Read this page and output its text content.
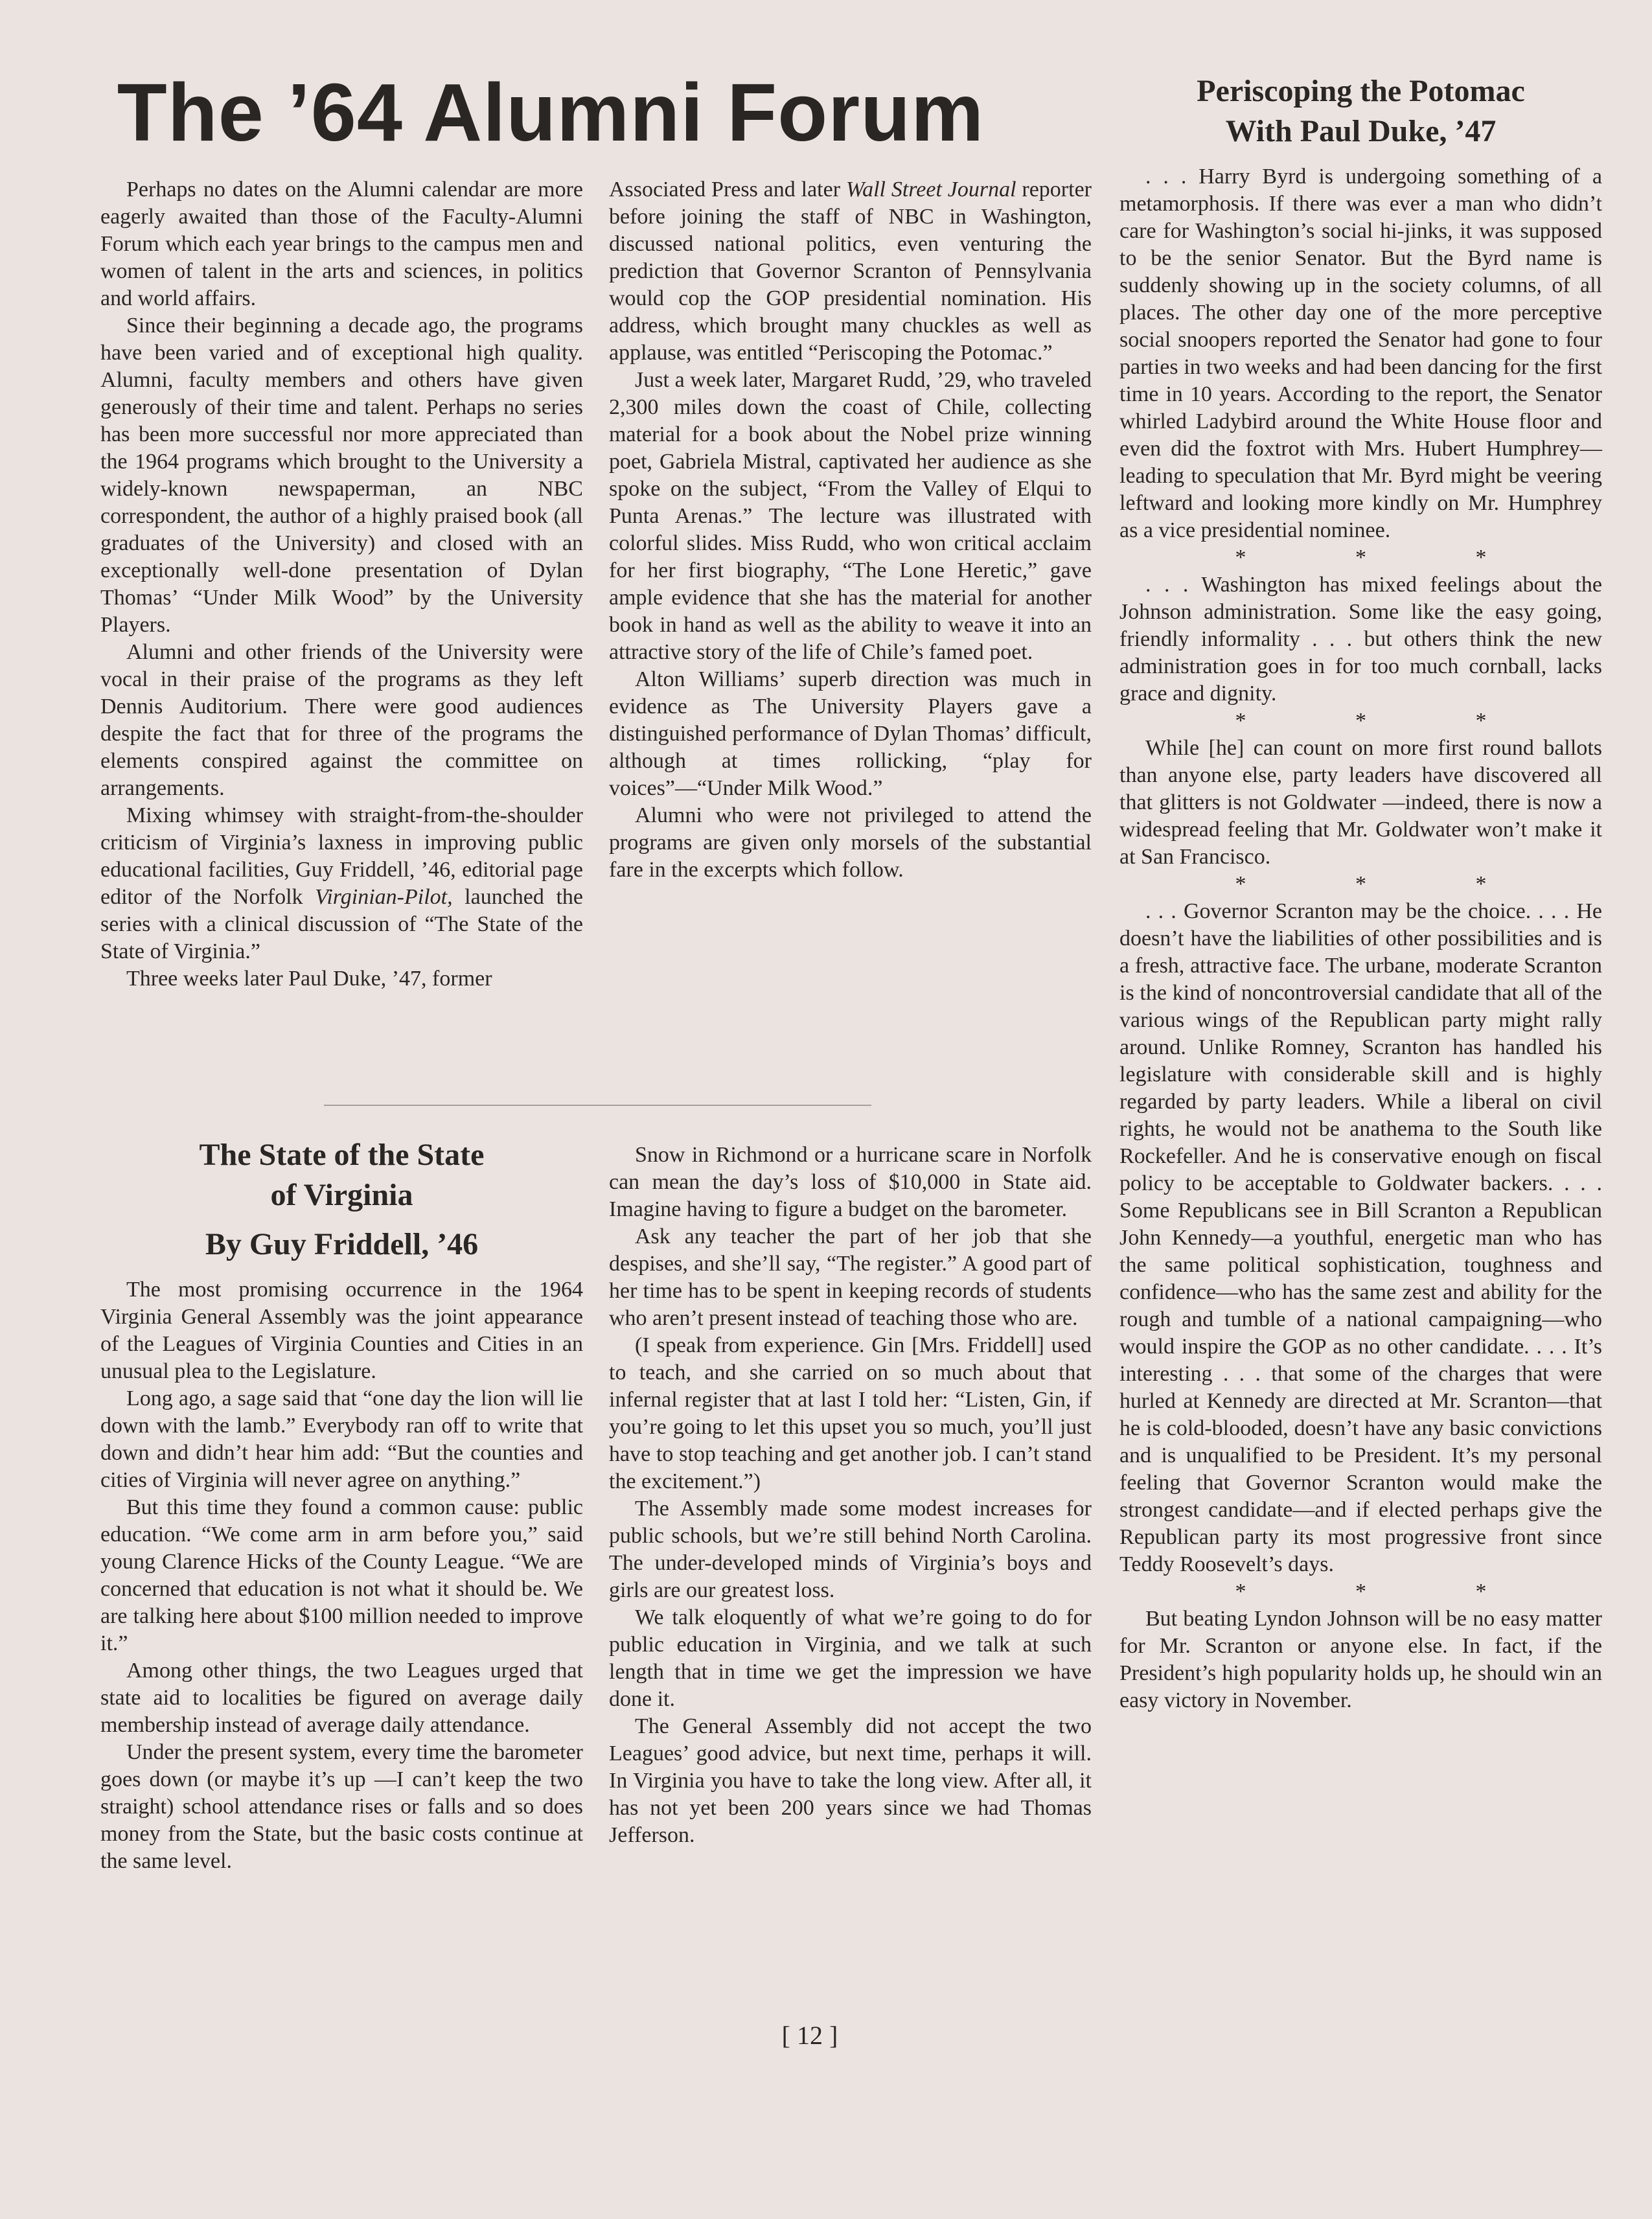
The ’64 Alumni Forum

Perhaps no dates on the Alumni calendar are more eagerly awaited than those of the Faculty-Alumni Forum which each year brings to the campus men and women of talent in the arts and sciences, in politics and world affairs.

Since their beginning a decade ago, the programs have been varied and of exceptional high quality. Alumni, faculty members and others have given generously of their time and talent. Perhaps no series has been more successful nor more appreciated than the 1964 programs which brought to the University a widely-known newspaperman, an NBC correspondent, the author of a highly praised book (all graduates of the University) and closed with an exceptionally well-done presentation of Dylan Thomas’ “Under Milk Wood” by the University Players.

Alumni and other friends of the University were vocal in their praise of the programs as they left Dennis Auditorium. There were good audiences despite the fact that for three of the programs the elements conspired against the committee on arrangements.

Mixing whimsey with straight-from-the-shoulder criticism of Virginia’s laxness in improving public educational facilities, Guy Friddell, ’46, editorial page editor of the Norfolk Virginian-Pilot, launched the series with a clinical discussion of “The State of the State of Virginia.”

Three weeks later Paul Duke, ’47, former

Associated Press and later Wall Street Journal reporter before joining the staff of NBC in Washington, discussed national politics, even venturing the prediction that Governor Scranton of Pennsylvania would cop the GOP presidential nomination. His address, which brought many chuckles as well as applause, was entitled “Periscoping the Potomac.”

Just a week later, Margaret Rudd, ’29, who traveled 2,300 miles down the coast of Chile, collecting material for a book about the Nobel prize winning poet, Gabriela Mistral, captivated her audience as she spoke on the subject, “From the Valley of Elqui to Punta Arenas.” The lecture was illustrated with colorful slides. Miss Rudd, who won critical acclaim for her first biography, “The Lone Heretic,” gave ample evidence that she has the material for another book in hand as well as the ability to weave it into an attractive story of the life of Chile’s famed poet.

Alton Williams’ superb direction was much in evidence as The University Players gave a distinguished performance of Dylan Thomas’ difficult, although at times rollicking, “play for voices”—“Under Milk Wood.”

Alumni who were not privileged to attend the programs are given only morsels of the substantial fare in the excerpts which follow.

Periscoping the Potomac
With Paul Duke, ’47

. . . Harry Byrd is undergoing something of a metamorphosis. If there was ever a man who didn’t care for Washington’s social hi-jinks, it was supposed to be the senior Senator. But the Byrd name is suddenly showing up in the society columns, of all places. The other day one of the more perceptive social snoopers reported the Senator had gone to four parties in two weeks and had been dancing for the first time in 10 years. According to the report, the Senator whirled Ladybird around the White House floor and even did the foxtrot with Mrs. Hubert Humphrey—leading to speculation that Mr. Byrd might be veering leftward and looking more kindly on Mr. Humphrey as a vice presidential nominee.

* * *

. . . Washington has mixed feelings about the Johnson administration. Some like the easy going, friendly informality . . . but others think the new administration goes in for too much cornball, lacks grace and dignity.

* * *

While [he] can count on more first round ballots than anyone else, party leaders have discovered all that glitters is not Goldwater —indeed, there is now a widespread feeling that Mr. Goldwater won’t make it at San Francisco.

* * *

. . . Governor Scranton may be the choice. . . . He doesn’t have the liabilities of other possibilities and is a fresh, attractive face. The urbane, moderate Scranton is the kind of noncontroversial candidate that all of the various wings of the Republican party might rally around. Unlike Romney, Scranton has handled his legislature with considerable skill and is highly regarded by party leaders. While a liberal on civil rights, he would not be anathema to the South like Rockefeller. And he is conservative enough on fiscal policy to be acceptable to Goldwater backers. . . . Some Republicans see in Bill Scranton a Republican John Kennedy—a youthful, energetic man who has the same political sophistication, toughness and confidence—who has the same zest and ability for the rough and tumble of a national campaigning—who would inspire the GOP as no other candidate. . . . It’s interesting . . . that some of the charges that were hurled at Kennedy are directed at Mr. Scranton—that he is cold-blooded, doesn’t have any basic convictions and is unqualified to be President. It’s my personal feeling that Governor Scranton would make the strongest candidate—and if elected perhaps give the Republican party its most progressive front since Teddy Roosevelt’s days.

* * *

But beating Lyndon Johnson will be no easy matter for Mr. Scranton or anyone else. In fact, if the President’s high popularity holds up, he should win an easy victory in November.

The State of the State
of Virginia
By Guy Friddell, ’46

The most promising occurrence in the 1964 Virginia General Assembly was the joint appearance of the Leagues of Virginia Counties and Cities in an unusual plea to the Legislature.

Long ago, a sage said that “one day the lion will lie down with the lamb.” Everybody ran off to write that down and didn’t hear him add: “But the counties and cities of Virginia will never agree on anything.”

But this time they found a common cause: public education. “We come arm in arm before you,” said young Clarence Hicks of the County League. “We are concerned that education is not what it should be. We are talking here about $100 million needed to improve it.”

Among other things, the two Leagues urged that state aid to localities be figured on average daily membership instead of average daily attendance.

Under the present system, every time the barometer goes down (or maybe it’s up —I can’t keep the two straight) school attendance rises or falls and so does money from the State, but the basic costs continue at the same level.

Snow in Richmond or a hurricane scare in Norfolk can mean the day’s loss of $10,000 in State aid. Imagine having to figure a budget on the barometer.

Ask any teacher the part of her job that she despises, and she’ll say, “The register.” A good part of her time has to be spent in keeping records of students who aren’t present instead of teaching those who are.

(I speak from experience. Gin [Mrs. Friddell] used to teach, and she carried on so much about that infernal register that at last I told her: “Listen, Gin, if you’re going to let this upset you so much, you’ll just have to stop teaching and get another job. I can’t stand the excitement.”)

The Assembly made some modest increases for public schools, but we’re still behind North Carolina. The under-developed minds of Virginia’s boys and girls are our greatest loss.

We talk eloquently of what we’re going to do for public education in Virginia, and we talk at such length that in time we get the impression we have done it.

The General Assembly did not accept the two Leagues’ good advice, but next time, perhaps it will. In Virginia you have to take the long view. After all, it has not yet been 200 years since we had Thomas Jefferson.

[ 12 ]
